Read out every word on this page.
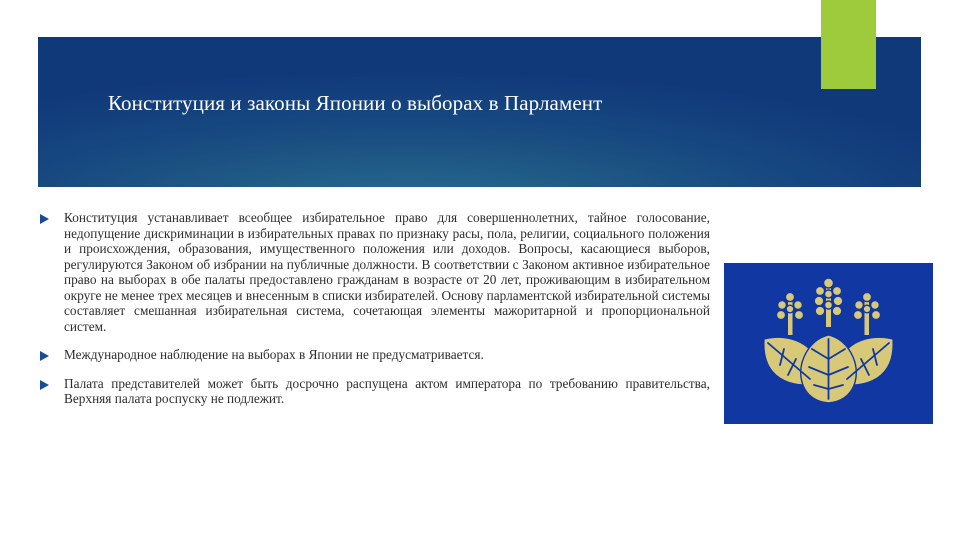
Конституция и законы Японии о выборах в Парламент
Конституция устанавливает всеобщее избирательное право для совершеннолетних, тайное голосование, недопущение дискриминации в избирательных правах по признаку расы, пола, религии, социального положения и происхождения, образования, имущественного положения или доходов. Вопросы, касающиеся выборов, регулируются Законом об избрании на публичные должности. В соответствии с Законом активное избирательное право на выборах в обе палаты предоставлено гражданам в возрасте от 20 лет, проживающим в избирательном округе не менее трех месяцев и внесенным в списки избирателей. Основу парламентской избирательной системы составляет смешанная избирательная система, сочетающая элементы мажоритарной и пропорциональной систем.
Международное наблюдение на выборах в Японии не предусматривается.
Палата представителей может быть досрочно распущена актом императора по требованию правительства, Верхняя палата роспуску не подлежит.
